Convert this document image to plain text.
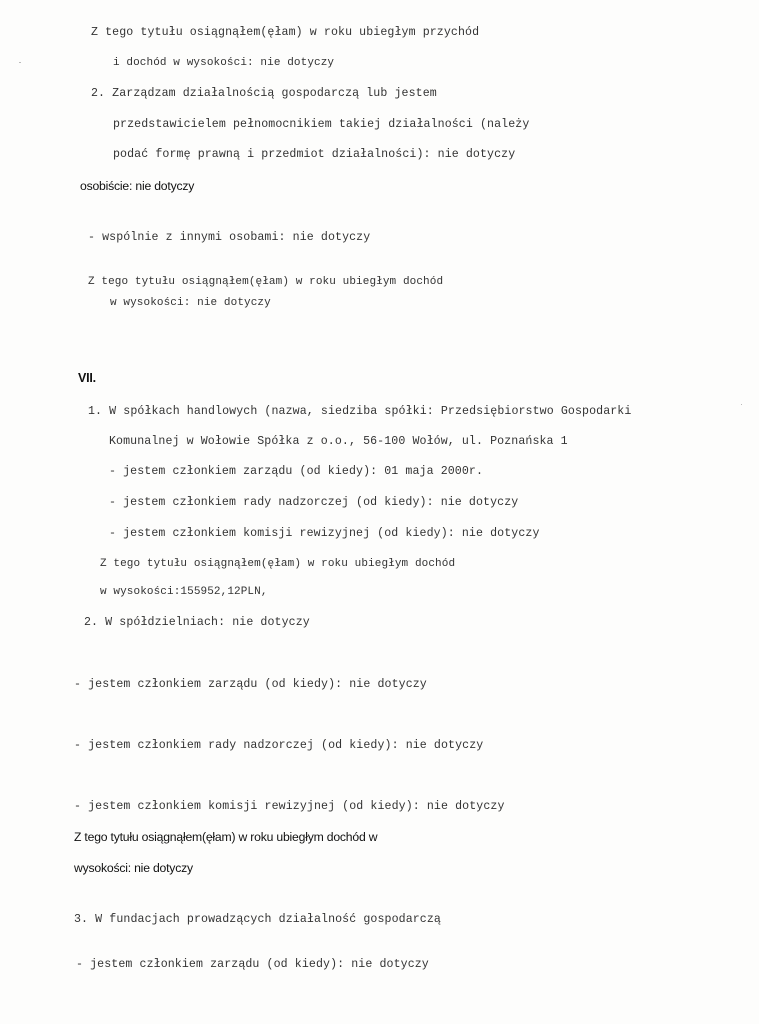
Z tego tytułu osiągnąłem(ęłam) w roku ubiegłym przychód
i dochód w wysokości: nie dotyczy
2. Zarządzam działalnością gospodarczą lub jestem
przedstawicielem pełnomocnikiem takiej działalności (należy
podać formę prawną i przedmiot działalności): nie dotyczy
osobiście: nie dotyczy
- wspólnie z innymi osobami: nie dotyczy
Z tego tytułu osiągnąłem(ęłam) w roku ubiegłym dochód
w wysokości: nie dotyczy
VII.
1. W spółkach handlowych (nazwa, siedziba spółki: Przedsiębiorstwo Gospodarki
Komunalnej w Wołowie Spółka z o.o., 56-100 Wołów, ul. Poznańska 1
- jestem członkiem zarządu (od kiedy): 01 maja 2000r.
- jestem członkiem rady nadzorczej (od kiedy): nie dotyczy
- jestem członkiem komisji rewizyjnej (od kiedy): nie dotyczy
Z tego tytułu osiągnąłem(ęłam) w roku ubiegłym dochód
w wysokości:155952,12PLN,
2. W spółdzielniach: nie dotyczy
- jestem członkiem zarządu (od kiedy): nie dotyczy
- jestem członkiem rady nadzorczej (od kiedy): nie dotyczy
- jestem członkiem komisji rewizyjnej (od kiedy): nie dotyczy
Z tego tytułu osiągnąłem(ęłam) w roku ubiegłym dochód w
wysokości: nie dotyczy
3. W fundacjach prowadzących działalność gospodarczą
- jestem członkiem zarządu (od kiedy): nie dotyczy
